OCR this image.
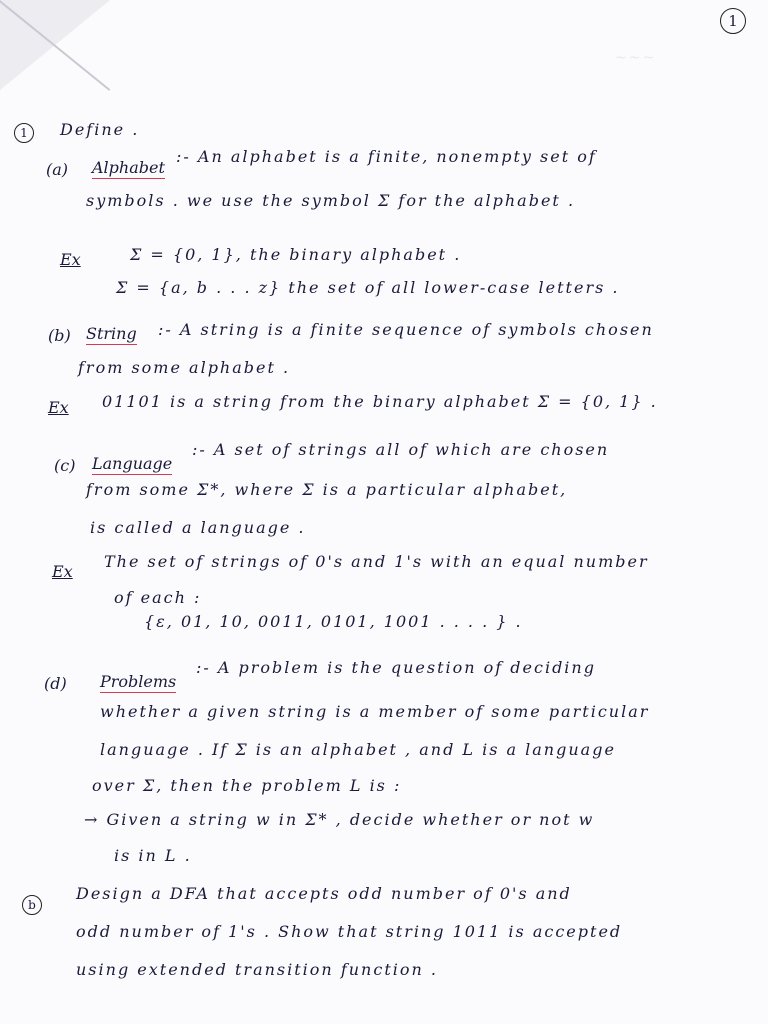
~~~
1
1	Define .
(a) Alphabet
:- An alphabet is a finite, nonempty set of
symbols . we use the symbol Σ for the alphabet .
Ex	Σ = {0, 1}, the binary alphabet .
Σ = {a, b . . . z} the set of all lower-case letters .
(b) String :- A string is a finite sequence of symbols chosen
from some alphabet .
Ex 01101 is a string from the binary alphabet Σ = {0, 1} .
(c) Language
:- A set of strings all of which are chosen
from some Σ*, where Σ is a particular alphabet,
is called a language .
Ex
The set of strings of 0's and 1's with an equal number
of each :
{ε, 01, 10, 0011, 0101, 1001 . . . . } .
(d) Problems
:- A problem is the question of deciding
whether a given string is a member of some particular
language . If Σ is an alphabet , and L is a language
over Σ, then the problem L is :
→ Given a string w in Σ* , decide whether or not w
is in L .
b
Design a DFA that accepts odd number of 0's and
odd number of 1's . Show that string 1011 is accepted
using extended transition function .
